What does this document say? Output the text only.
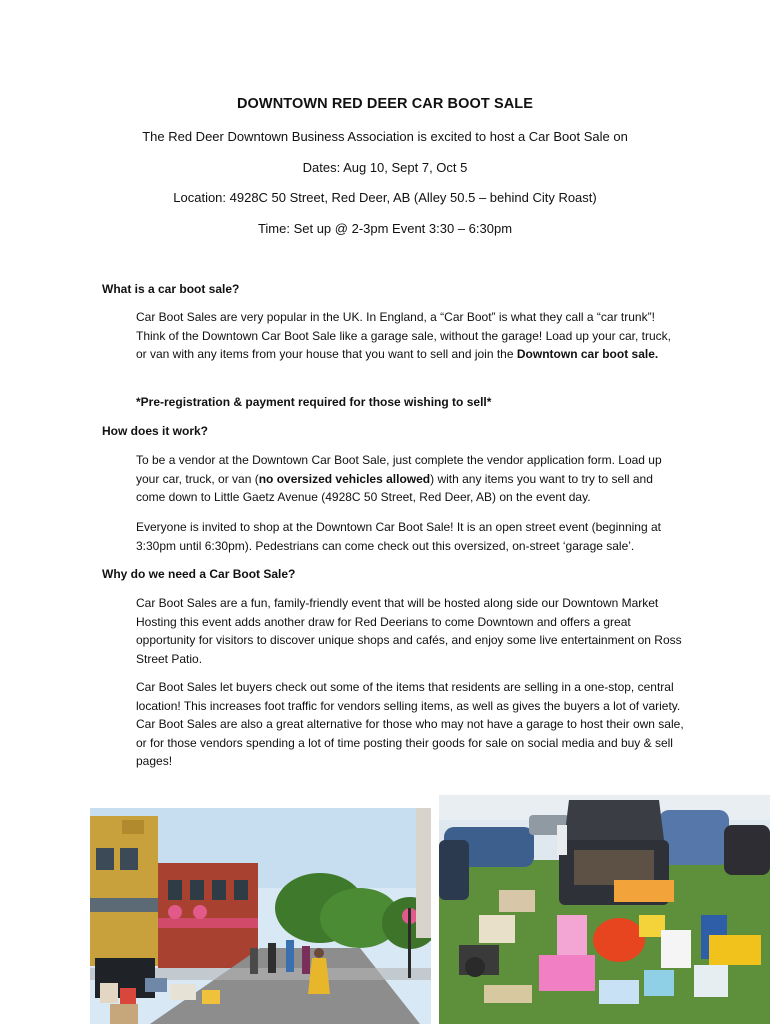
DOWNTOWN RED DEER CAR BOOT SALE
The Red Deer Downtown Business Association is excited to host a Car Boot Sale on
Dates: Aug 10, Sept 7, Oct 5
Location: 4928C 50 Street, Red Deer, AB (Alley 50.5 – behind City Roast)
Time: Set up @ 2-3pm Event 3:30 – 6:30pm
What is a car boot sale?
Car Boot Sales are very popular in the UK. In England, a “Car Boot” is what they call a “car trunk”! Think of the Downtown Car Boot Sale like a garage sale, without the garage! Load up your car, truck, or van with any items from your house that you want to sell and join the Downtown car boot sale.
*Pre-registration & payment required for those wishing to sell*
How does it work?
To be a vendor at the Downtown Car Boot Sale, just complete the vendor application form. Load up your car, truck, or van (no oversized vehicles allowed) with any items you want to try to sell and come down to Little Gaetz Avenue (4928C 50 Street, Red Deer, AB) on the event day.
Everyone is invited to shop at the Downtown Car Boot Sale! It is an open street event (beginning at 3:30pm until 6:30pm). Pedestrians can come check out this oversized, on-street ‘garage sale’.
Why do we need a Car Boot Sale?
Car Boot Sales are a fun, family-friendly event that will be hosted along side our Downtown Market Hosting this event adds another draw for Red Deerians to come Downtown and offers a great opportunity for visitors to discover unique shops and cafés, and enjoy some live entertainment on Ross Street Patio.
Car Boot Sales let buyers check out some of the items that residents are selling in a one-stop, central location! This increases foot traffic for vendors selling items, as well as gives the buyers a lot of variety. Car Boot Sales are also a great alternative for those who may not have a garage to host their own sale, or for those vendors spending a lot of time posting their goods for sale on social media and buy & sell pages!
